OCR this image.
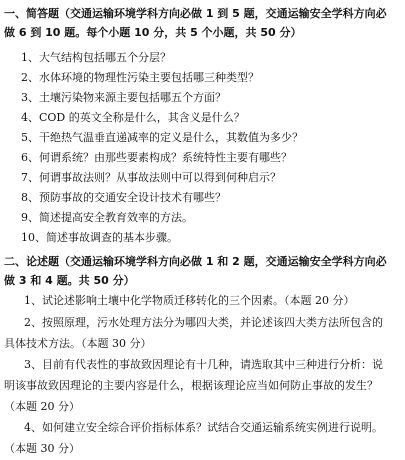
一、简答题（交通运输环境学科方向必做 1 到 5 题，交通运输安全学科方向必
做 6 到 10 题。每个小题 10 分，共 5 个小题，共 50 分）
1、大气结构包括哪五个分层？
2、水体环境的物理性污染主要包括哪三种类型？
3、土壤污染物来源主要包括哪五个方面？
4、COD 的英文全称是什么，其含义是什么？
5、干绝热气温垂直递减率的定义是什么，其数值为多少？
6、何谓系统？由那些要素构成？系统特性主要有哪些？
7、何谓事故法则？从事故法则中可以得到何种启示？
8、预防事故的交通安全设计技术有哪些？
9、简述提高安全教育效率的方法。
10、简述事故调查的基本步骤。
二、论述题（交通运输环境学科方向必做 1 和 2 题，交通运输安全学科方向必
做 3 和 4 题。共 50 分）
1、试论述影响土壤中化学物质迁移转化的三个因素。（本题 20 分）
2、按照原理，污水处理方法分为哪四大类，并论述该四大类方法所包含的
具体技术方法。（本题 30 分）
3、目前有代表性的事故致因理论有十几种，请选取其中三种进行分析：说
明该事故致因理论的主要内容是什么，根据该理论应当如何防止事故的发生？
（本题 20 分）
4、如何建立安全综合评价指标体系？试结合交通运输系统实例进行说明。
（本题 30 分）
